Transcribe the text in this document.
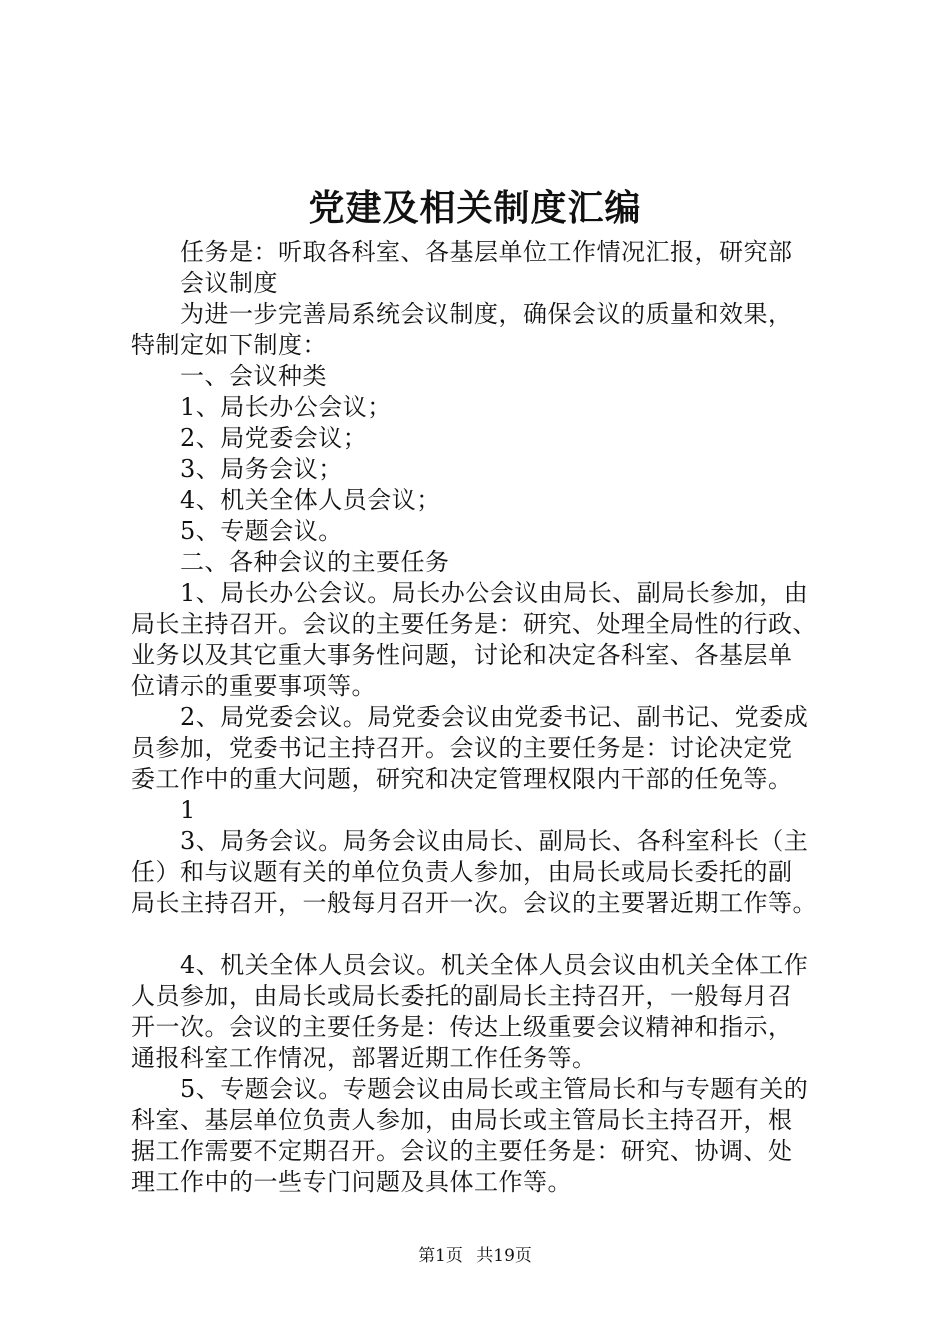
党建及相关制度汇编
任务是：听取各科室、各基层单位工作情况汇报，研究部
会议制度
为进一步完善局系统会议制度，确保会议的质量和效果，
特制定如下制度：
一、会议种类
1、局长办公会议；
2、局党委会议；
3、局务会议；
4、机关全体人员会议；
5、专题会议。
二、各种会议的主要任务
1、局长办公会议。局长办公会议由局长、副局长参加，由
局长主持召开。会议的主要任务是：研究、处理全局性的行政、
业务以及其它重大事务性问题，讨论和决定各科室、各基层单
位请示的重要事项等。
2、局党委会议。局党委会议由党委书记、副书记、党委成
员参加，党委书记主持召开。会议的主要任务是：讨论决定党
委工作中的重大问题，研究和决定管理权限内干部的任免等。
1
3、局务会议。局务会议由局长、副局长、各科室科长（主
任）和与议题有关的单位负责人参加，由局长或局长委托的副
局长主持召开，一般每月召开一次。会议的主要署近期工作等。
4、机关全体人员会议。机关全体人员会议由机关全体工作
人员参加，由局长或局长委托的副局长主持召开，一般每月召
开一次。会议的主要任务是：传达上级重要会议精神和指示，
通报科室工作情况，部署近期工作任务等。
5、专题会议。专题会议由局长或主管局长和与专题有关的
科室、基层单位负责人参加，由局长或主管局长主持召开，根
据工作需要不定期召开。会议的主要任务是：研究、协调、处
理工作中的一些专门问题及具体工作等。
第1页 共19页
